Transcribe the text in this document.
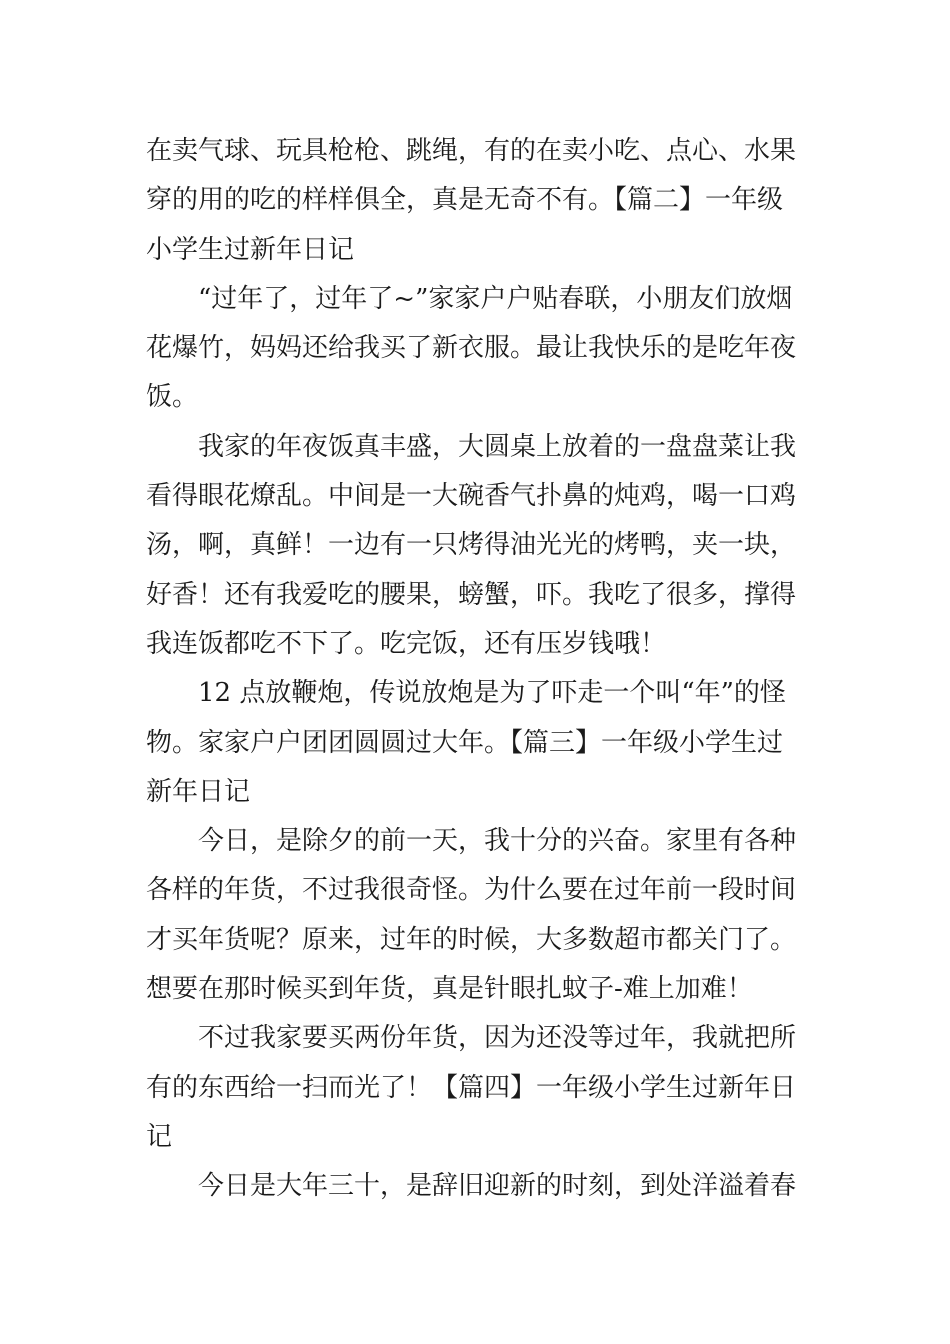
在卖气球、玩具枪枪、跳绳，有的在卖小吃、点心、水果
穿的用的吃的样样俱全，真是无奇不有。【篇二】一年级
小学生过新年日记
“过年了，过年了~”家家户户贴春联，小朋友们放烟
花爆竹，妈妈还给我买了新衣服。最让我快乐的是吃年夜
饭。
我家的年夜饭真丰盛，大圆桌上放着的一盘盘菜让我
看得眼花燎乱。中间是一大碗香气扑鼻的炖鸡，喝一口鸡
汤，啊，真鲜！一边有一只烤得油光光的烤鸭，夹一块，
好香！还有我爱吃的腰果，螃蟹，吓。我吃了很多，撑得
我连饭都吃不下了。吃完饭，还有压岁钱哦！
12 点放鞭炮，传说放炮是为了吓走一个叫“年”的怪
物。家家户户团团圆圆过大年。【篇三】一年级小学生过
新年日记
今日，是除夕的前一天，我十分的兴奋。家里有各种
各样的年货，不过我很奇怪。为什么要在过年前一段时间
才买年货呢？原来，过年的时候，大多数超市都关门了。
想要在那时候买到年货，真是针眼扎蚊子-难上加难！
不过我家要买两份年货，因为还没等过年，我就把所
有的东西给一扫而光了！【篇四】一年级小学生过新年日
记
今日是大年三十，是辞旧迎新的时刻，到处洋溢着春
